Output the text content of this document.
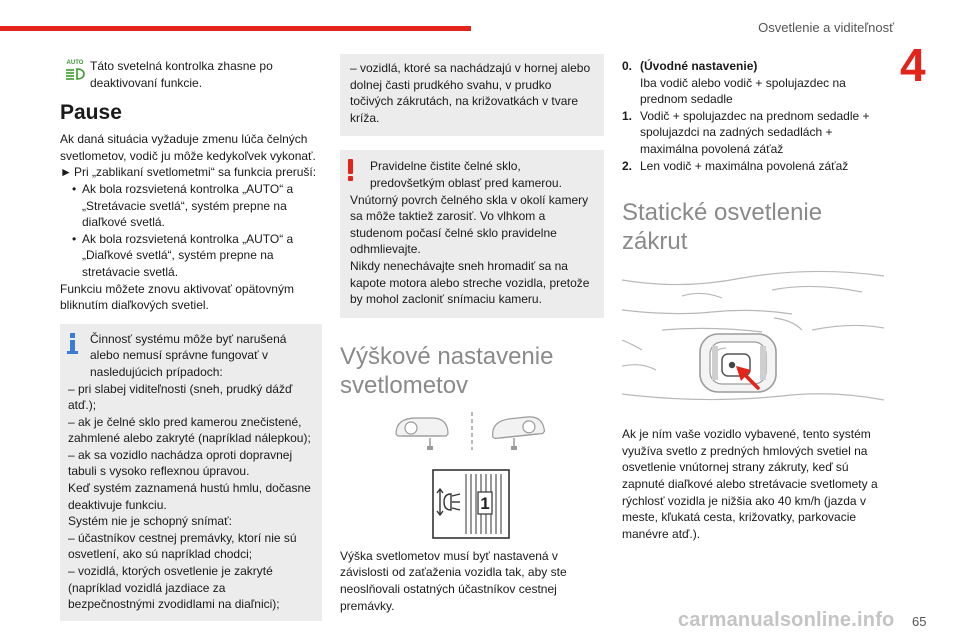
Osvetlenie a viditeľnosť
4
AUTO Táto svetelná kontrolka zhasne po deaktivovaní funkcie.

Pause

Ak daná situácia vyžaduje zmenu lúča čelných svetlometov, vodič ju môže kedykoľvek vykonať.

► Pri „zablikaní svetlometmi“ sa funkcia preruší:

• Ak bola rozsvietená kontrolka „AUTO“ a „Stretávacie svetlá“, systém prepne na diaľkové svetlá.

• Ak bola rozsvietená kontrolka „AUTO“ a „Diaľkové svetlá“, systém prepne na stretávacie svetlá.

Funkciu môžete znovu aktivovať opätovným bliknutím diaľkových svetiel.

Činnosť systému môže byť narušená alebo nemusí správne fungovať v nasledujúcich prípadoch:

– pri slabej viditeľnosti (sneh, prudký dážď atď.);

– ak je čelné sklo pred kamerou znečistené, zahmlené alebo zakryté (napríklad nálepkou);

– ak sa vozidlo nachádza oproti dopravnej tabuli s vysoko reflexnou úpravou.

Keď systém zaznamená hustú hmlu, dočasne deaktivuje funkciu.

Systém nie je schopný snímať:

– účastníkov cestnej premávky, ktorí nie sú osvetlení, ako sú napríklad chodci;

– vozidlá, ktorých osvetlenie je zakryté (napríklad vozidlá jazdiace za bezpečnostnými zvodidlami na diaľnici);

– vozidlá, ktoré sa nachádzajú v hornej alebo dolnej časti prudkého svahu, v prudko točivých zákrutách, na križovatkách v tvare kríža.

Pravidelne čistite čelné sklo, predovšetkým oblasť pred kamerou.

Vnútorný povrch čelného skla v okolí kamery sa môže taktiež zarosiť. Vo vlhkom a studenom počasí čelné sklo pravidelne odhmlievajte.

Nikdy nenechávajte sneh hromadiť sa na kapote motora alebo streche vozidla, pretože by mohol zacloniť snímaciu kameru.

Výškové nastavenie svetlometov
1

Výška svetlometov musí byť nastavená v závislosti od zaťaženia vozidla tak, aby ste neoslňovali ostatných účastníkov cestnej premávky.

0. (Úvodné nastavenie)

Iba vodič alebo vodič + spolujazdec na prednom sedadle

1. Vodič + spolujazdec na prednom sedadle + spolujazdci na zadných sedadlách + maximálna povolená záťaž

2. Len vodič + maximálna povolená záťaž

Statické osvetlenie zákrut

Ak je ním vaše vozidlo vybavené, tento systém využíva svetlo z predných hmlových svetiel na osvetlenie vnútornej strany zákruty, keď sú zapnuté diaľkové alebo stretávacie svetlomety a rýchlosť vozidla je nižšia ako 40 km/h (jazda v meste, kľukatá cesta, križovatky, parkovacie manévre atď.).

carmanualsonline.info 65
